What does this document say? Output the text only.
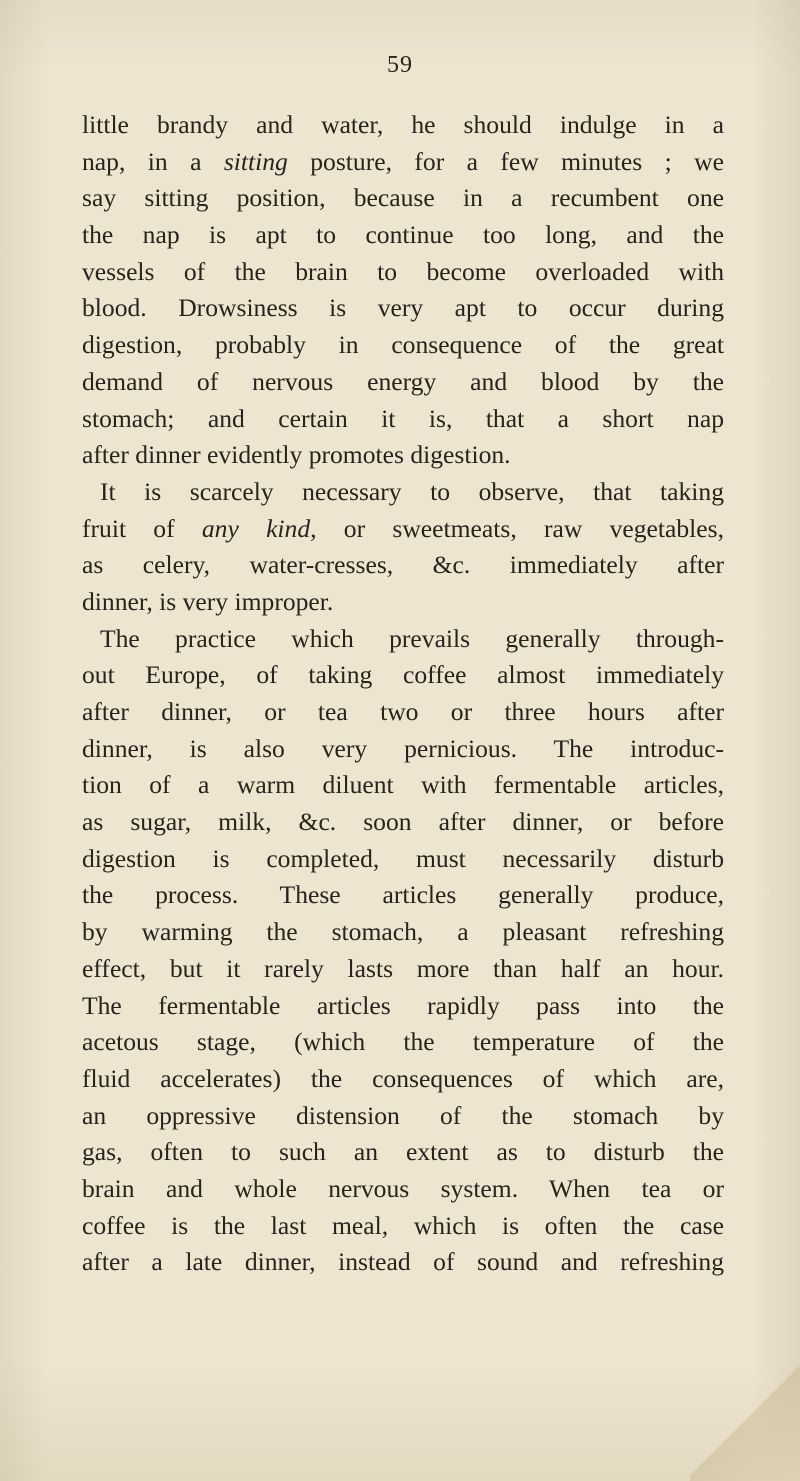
59
little brandy and water, he should indulge in a
nap, in a sitting posture, for a few minutes ; we
say sitting position, because in a recumbent one
the nap is apt to continue too long, and the
vessels of the brain to become overloaded with
blood. Drowsiness is very apt to occur during
digestion, probably in consequence of the great
demand of nervous energy and blood by the
stomach; and certain it is, that a short nap
after dinner evidently promotes digestion.
It is scarcely necessary to observe, that taking
fruit of any kind, or sweetmeats, raw vegetables,
as celery, water-cresses, &c. immediately after
dinner, is very improper.
The practice which prevails generally through-
out Europe, of taking coffee almost immediately
after dinner, or tea two or three hours after
dinner, is also very pernicious. The introduc-
tion of a warm diluent with fermentable articles,
as sugar, milk, &c. soon after dinner, or before
digestion is completed, must necessarily disturb
the process. These articles generally produce,
by warming the stomach, a pleasant refreshing
effect, but it rarely lasts more than half an hour.
The fermentable articles rapidly pass into the
acetous stage, (which the temperature of the
fluid accelerates) the consequences of which are,
an oppressive distension of the stomach by
gas, often to such an extent as to disturb the
brain and whole nervous system. When tea or
coffee is the last meal, which is often the case
after a late dinner, instead of sound and refreshing
